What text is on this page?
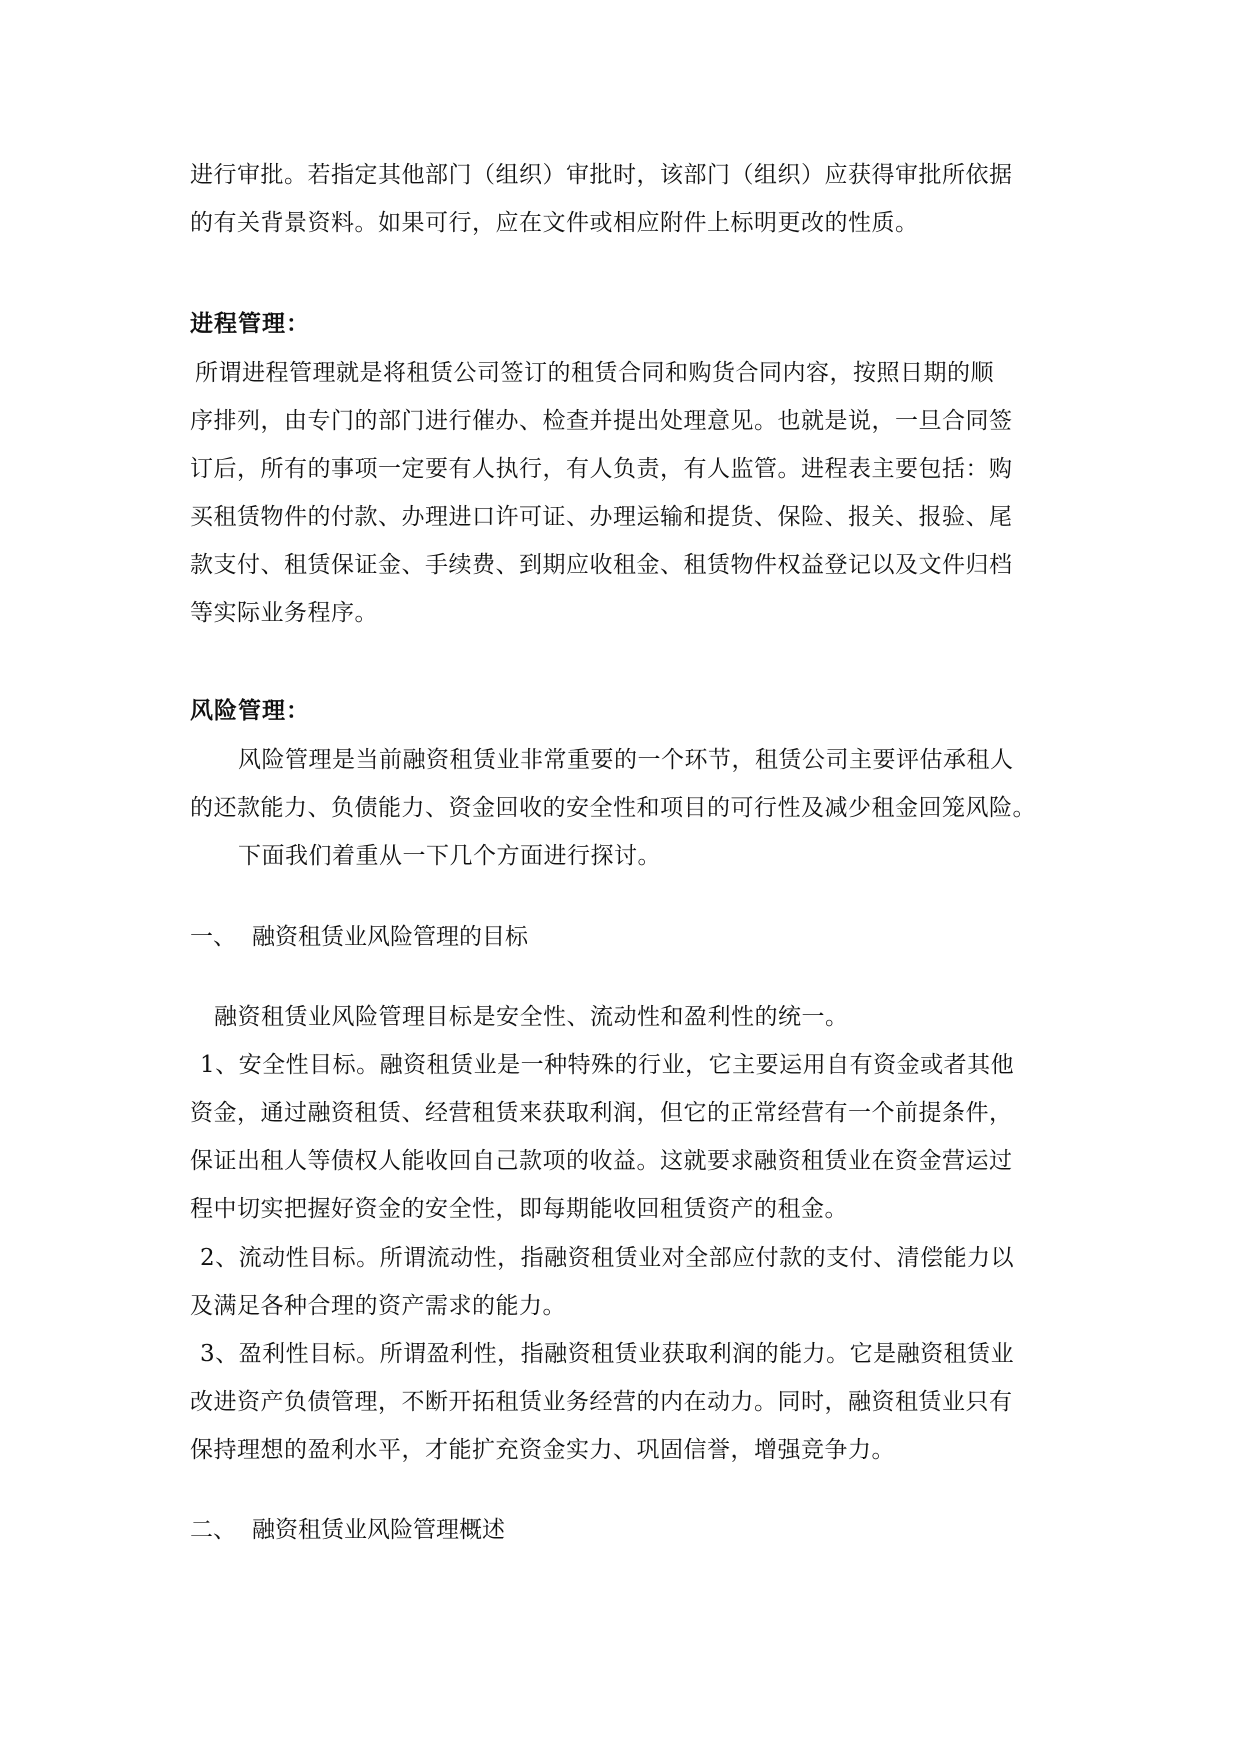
进行审批。若指定其他部门（组织）审批时，该部门（组织）应获得审批所依据
的有关背景资料。如果可行，应在文件或相应附件上标明更改的性质。
进程管理：
所谓进程管理就是将租赁公司签订的租赁合同和购货合同内容，按照日期的顺
序排列，由专门的部门进行催办、检查并提出处理意见。也就是说，一旦合同签
订后，所有的事项一定要有人执行，有人负责，有人监管。进程表主要包括：购
买租赁物件的付款、办理进口许可证、办理运输和提货、保险、报关、报验、尾
款支付、租赁保证金、手续费、到期应收租金、租赁物件权益登记以及文件归档
等实际业务程序。
风险管理：
风险管理是当前融资租赁业非常重要的一个环节，租赁公司主要评估承租人
的还款能力、负债能力、资金回收的安全性和项目的可行性及减少租金回笼风险。
下面我们着重从一下几个方面进行探讨。
一、 融资租赁业风险管理的目标
融资租赁业风险管理目标是安全性、流动性和盈利性的统一。
1、安全性目标。融资租赁业是一种特殊的行业，它主要运用自有资金或者其他
资金，通过融资租赁、经营租赁来获取利润，但它的正常经营有一个前提条件，
保证出租人等债权人能收回自己款项的收益。这就要求融资租赁业在资金营运过
程中切实把握好资金的安全性，即每期能收回租赁资产的租金。
2、流动性目标。所谓流动性，指融资租赁业对全部应付款的支付、清偿能力以
及满足各种合理的资产需求的能力。
3、盈利性目标。所谓盈利性，指融资租赁业获取利润的能力。它是融资租赁业
改进资产负债管理，不断开拓租赁业务经营的内在动力。同时，融资租赁业只有
保持理想的盈利水平，才能扩充资金实力、巩固信誉，增强竞争力。
二、 融资租赁业风险管理概述
